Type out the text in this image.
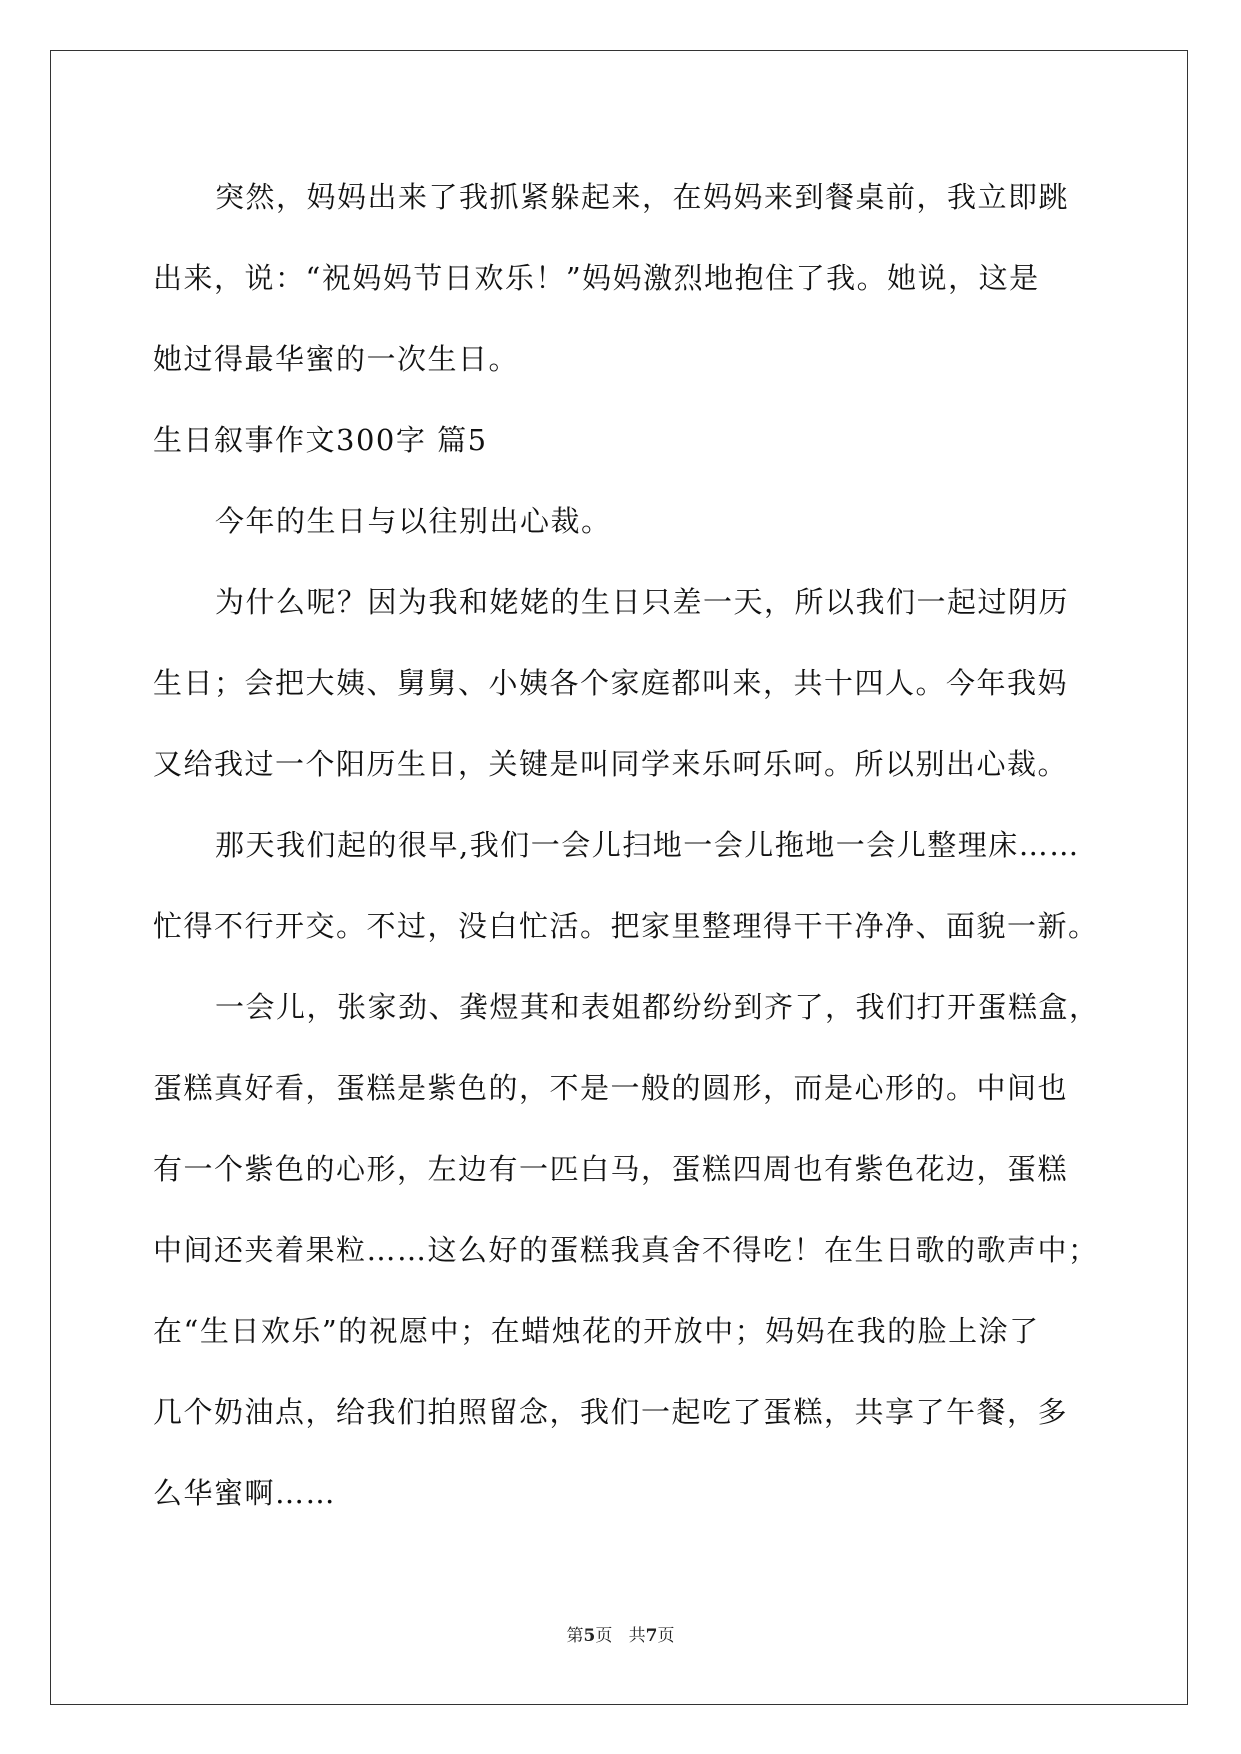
突然，妈妈出来了我抓紧躲起来，在妈妈来到餐桌前，我立即跳
出来，说：“祝妈妈节日欢乐！”妈妈激烈地抱住了我。她说，这是
她过得最华蜜的一次生日。
生日叙事作文300字 篇5
今年的生日与以往别出心裁。
为什么呢？因为我和姥姥的生日只差一天，所以我们一起过阴历
生日；会把大姨、舅舅、小姨各个家庭都叫来，共十四人。今年我妈
又给我过一个阳历生日，关键是叫同学来乐呵乐呵。所以别出心裁。
那天我们起的很早,我们一会儿扫地一会儿拖地一会儿整理床……
忙得不行开交。不过，没白忙活。把家里整理得干干净净、面貌一新。
一会儿，张家劲、龚煜萁和表姐都纷纷到齐了，我们打开蛋糕盒，
蛋糕真好看，蛋糕是紫色的，不是一般的圆形，而是心形的。中间也
有一个紫色的心形，左边有一匹白马，蛋糕四周也有紫色花边，蛋糕
中间还夹着果粒……这么好的蛋糕我真舍不得吃！在生日歌的歌声中；
在“生日欢乐”的祝愿中；在蜡烛花的开放中；妈妈在我的脸上涂了
几个奶油点，给我们拍照留念，我们一起吃了蛋糕，共享了午餐，多
么华蜜啊……
第5页   共7页
